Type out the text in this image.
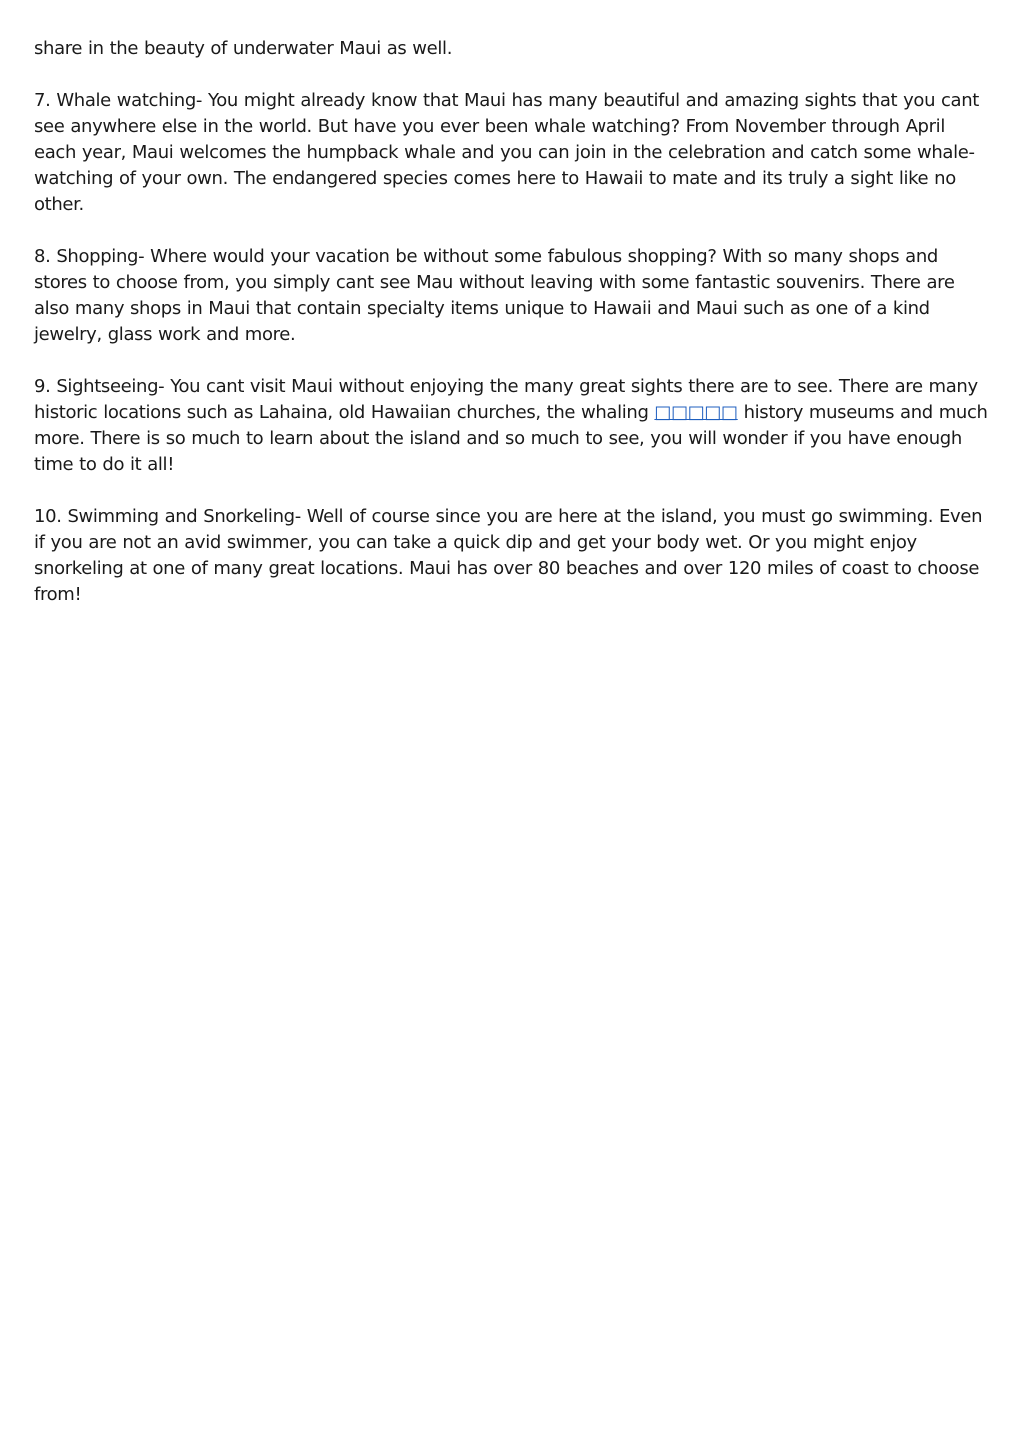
share in the beauty of underwater Maui as well.

7. Whale watching- You might already know that Maui has many beautiful and amazing sights that you cant see anywhere else in the world. But have you ever been whale watching? From November through April each year, Maui welcomes the humpback whale and you can join in the celebration and catch some whale-watching of your own. The endangered species comes here to Hawaii to mate and its truly a sight like no other.

8. Shopping- Where would your vacation be without some fabulous shopping? With so many shops and stores to choose from, you simply cant see Mau without leaving with some fantastic souvenirs. There are also many shops in Maui that contain specialty items unique to Hawaii and Maui such as one of a kind jewelry, glass work and more.

9. Sightseeing- You cant visit Maui without enjoying the many great sights there are to see. There are many historic locations such as Lahaina, old Hawaiian churches, the whaling □□□□□ history museums and much more. There is so much to learn about the island and so much to see, you will wonder if you have enough time to do it all!

10. Swimming and Snorkeling- Well of course since you are here at the island, you must go swimming. Even if you are not an avid swimmer, you can take a quick dip and get your body wet. Or you might enjoy snorkeling at one of many great locations. Maui has over 80 beaches and over 120 miles of coast to choose from!
